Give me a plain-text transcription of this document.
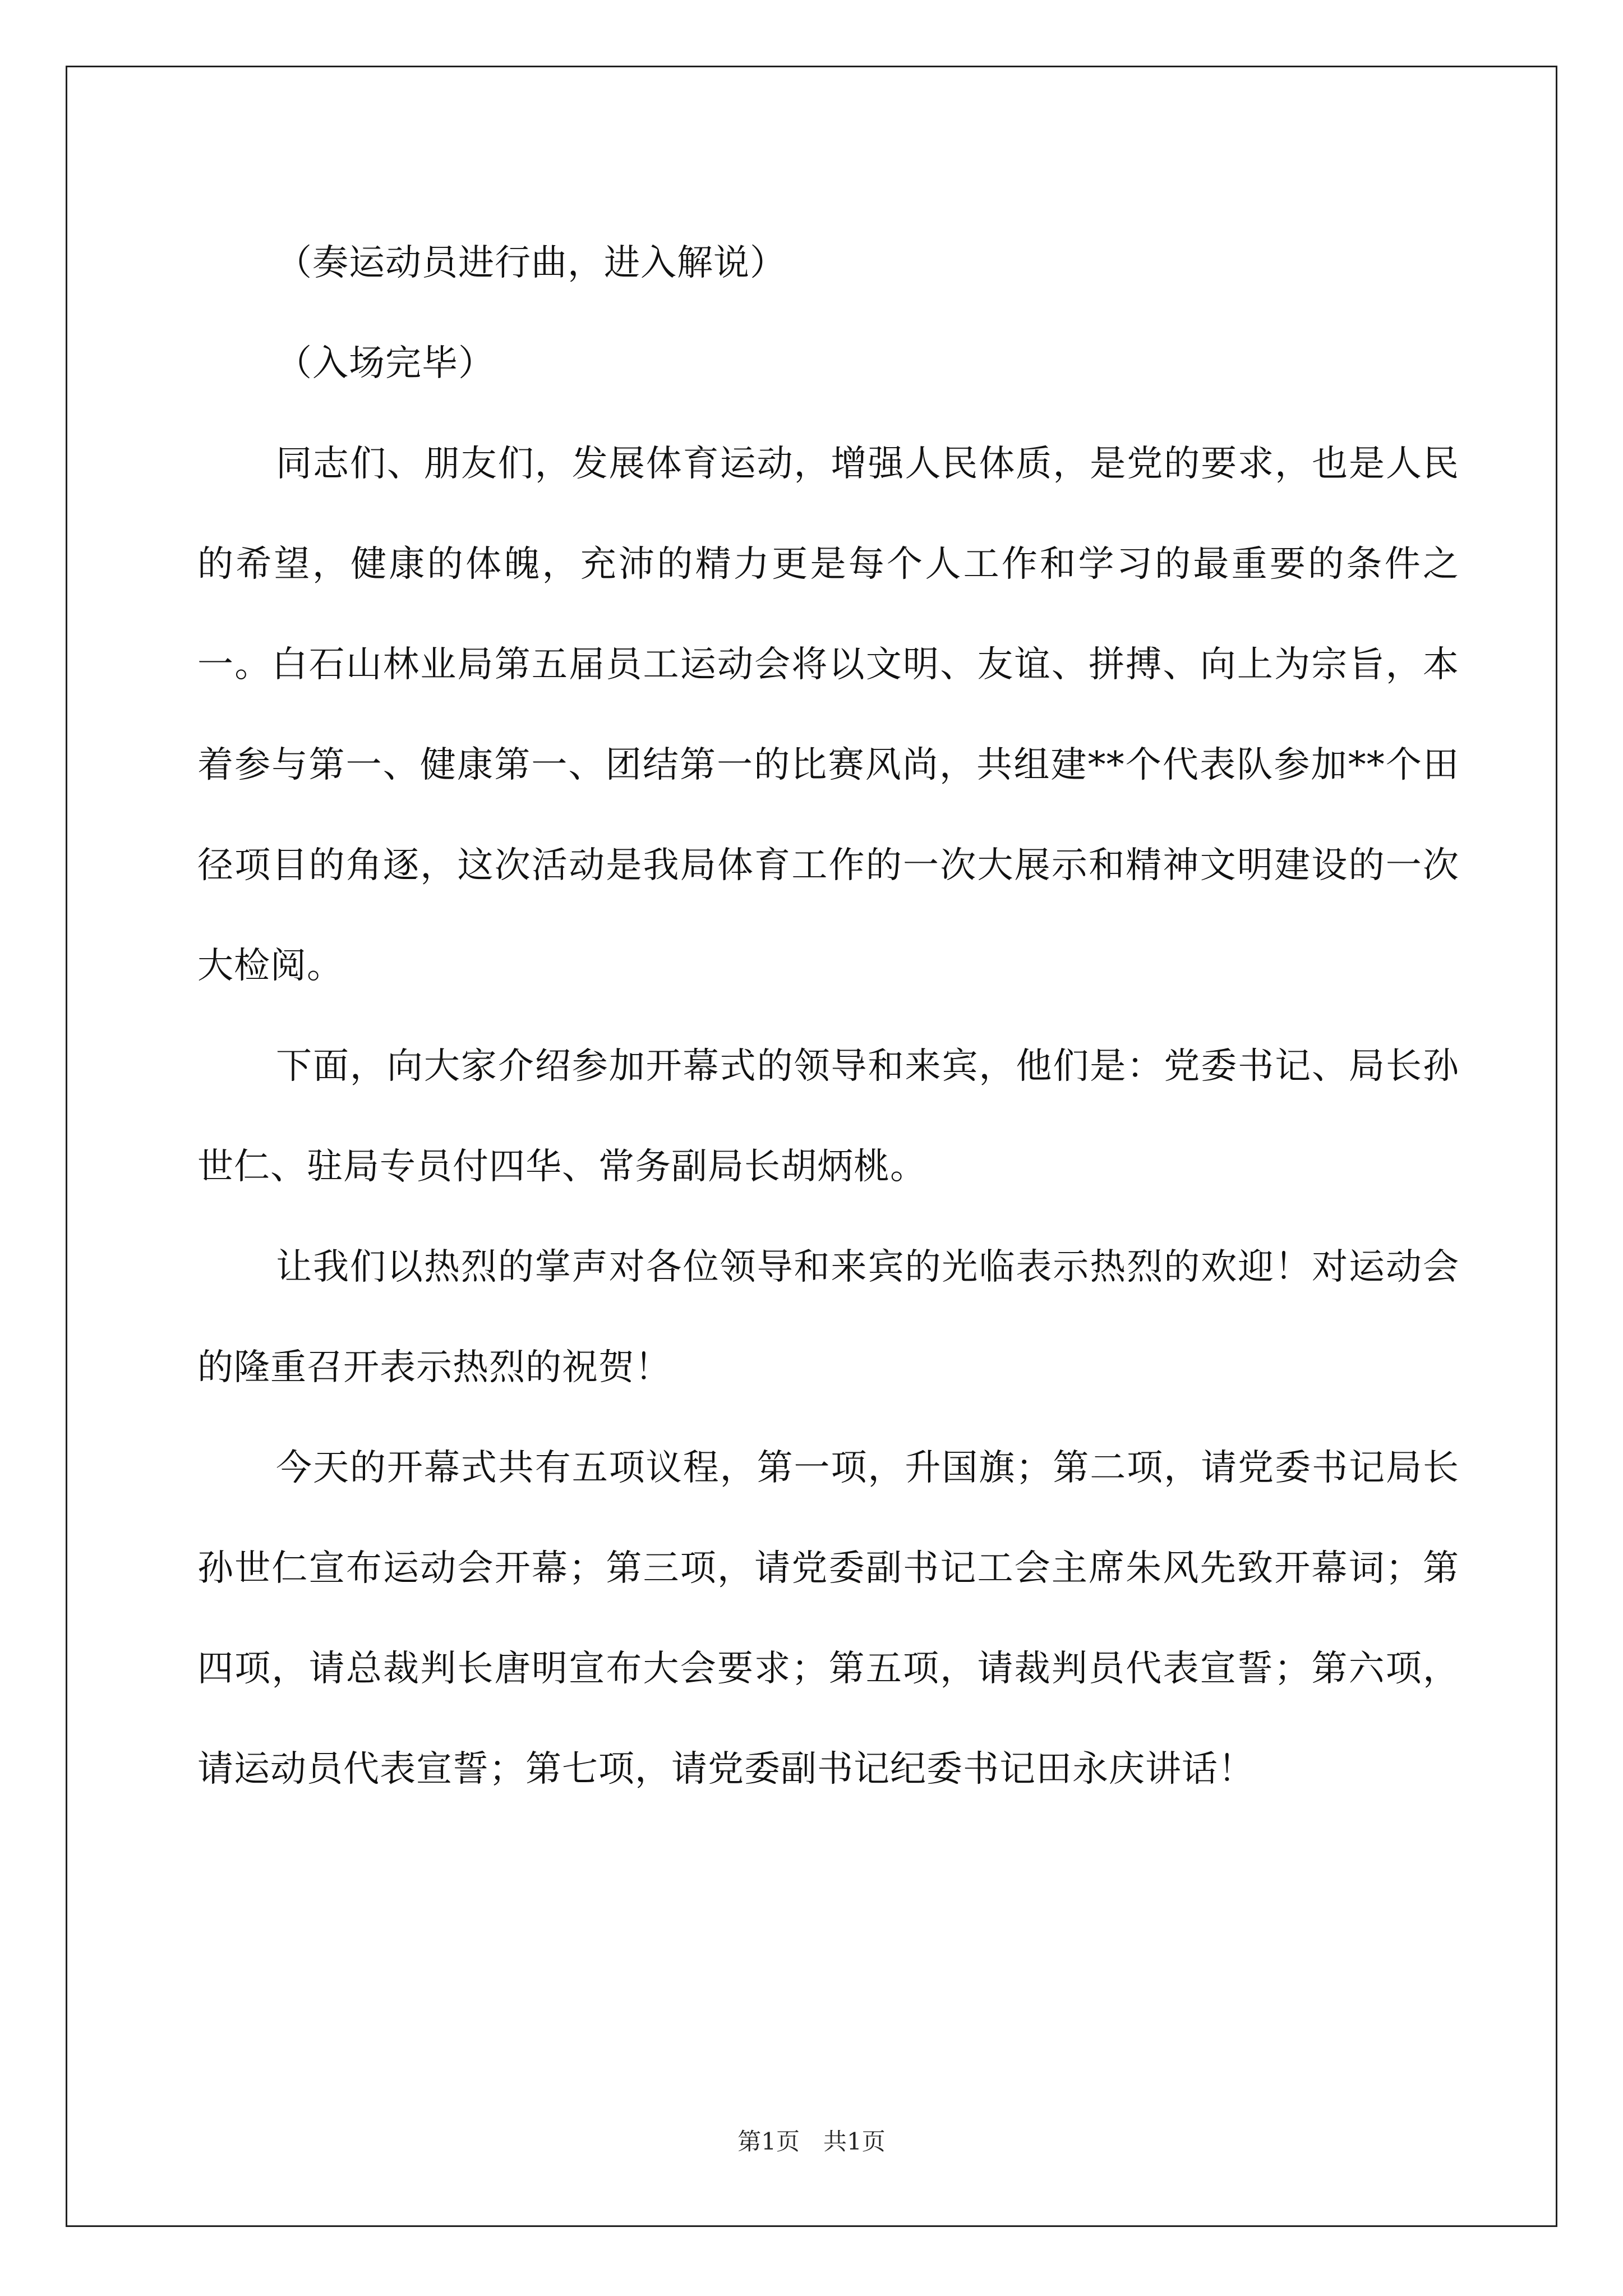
（奏运动员进行曲，进入解说）

（入场完毕）

同志们、朋友们，发展体育运动，增强人民体质，是党的要求，也是人民的希望，健康的体魄，充沛的精力更是每个人工作和学习的最重要的条件之一。白石山林业局第五届员工运动会将以文明、友谊、拼搏、向上为宗旨，本着参与第一、健康第一、团结第一的比赛风尚，共组建**个代表队参加**个田径项目的角逐，这次活动是我局体育工作的一次大展示和精神文明建设的一次大检阅。

下面，向大家介绍参加开幕式的领导和来宾，他们是：党委书记、局长孙世仁、驻局专员付四华、常务副局长胡炳桃。

让我们以热烈的掌声对各位领导和来宾的光临表示热烈的欢迎！对运动会的隆重召开表示热烈的祝贺！

今天的开幕式共有五项议程，第一项，升国旗；第二项，请党委书记局长孙世仁宣布运动会开幕；第三项，请党委副书记工会主席朱风先致开幕词；第四项，请总裁判长唐明宣布大会要求；第五项，请裁判员代表宣誓；第六项，请运动员代表宣誓；第七项，请党委副书记纪委书记田永庆讲话！

第1页　共1页
